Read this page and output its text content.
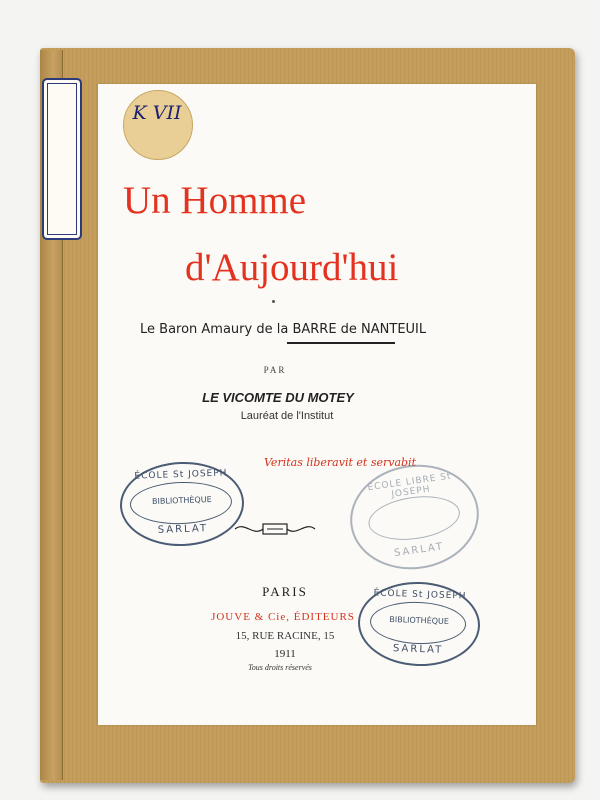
K VII
Un Homme
d'Aujourd'hui
Le Baron Amaury de la BARRE de NANTEUIL
PAR
LE VICOMTE DU MOTEY
Lauréat de l'Institut
Veritas liberavit et servabit
ÉCOLE St JOSEPH
BIBLIOTHÈQUE
SARLAT
ÉCOLE LIBRE St JOSEPH
SARLAT
PARIS
JOUVE & Cie, ÉDITEURS
15, RUE RACINE, 15
1911
Tous droits réservés
ÉCOLE St JOSEPH
BIBLIOTHÈQUE
SARLAT
